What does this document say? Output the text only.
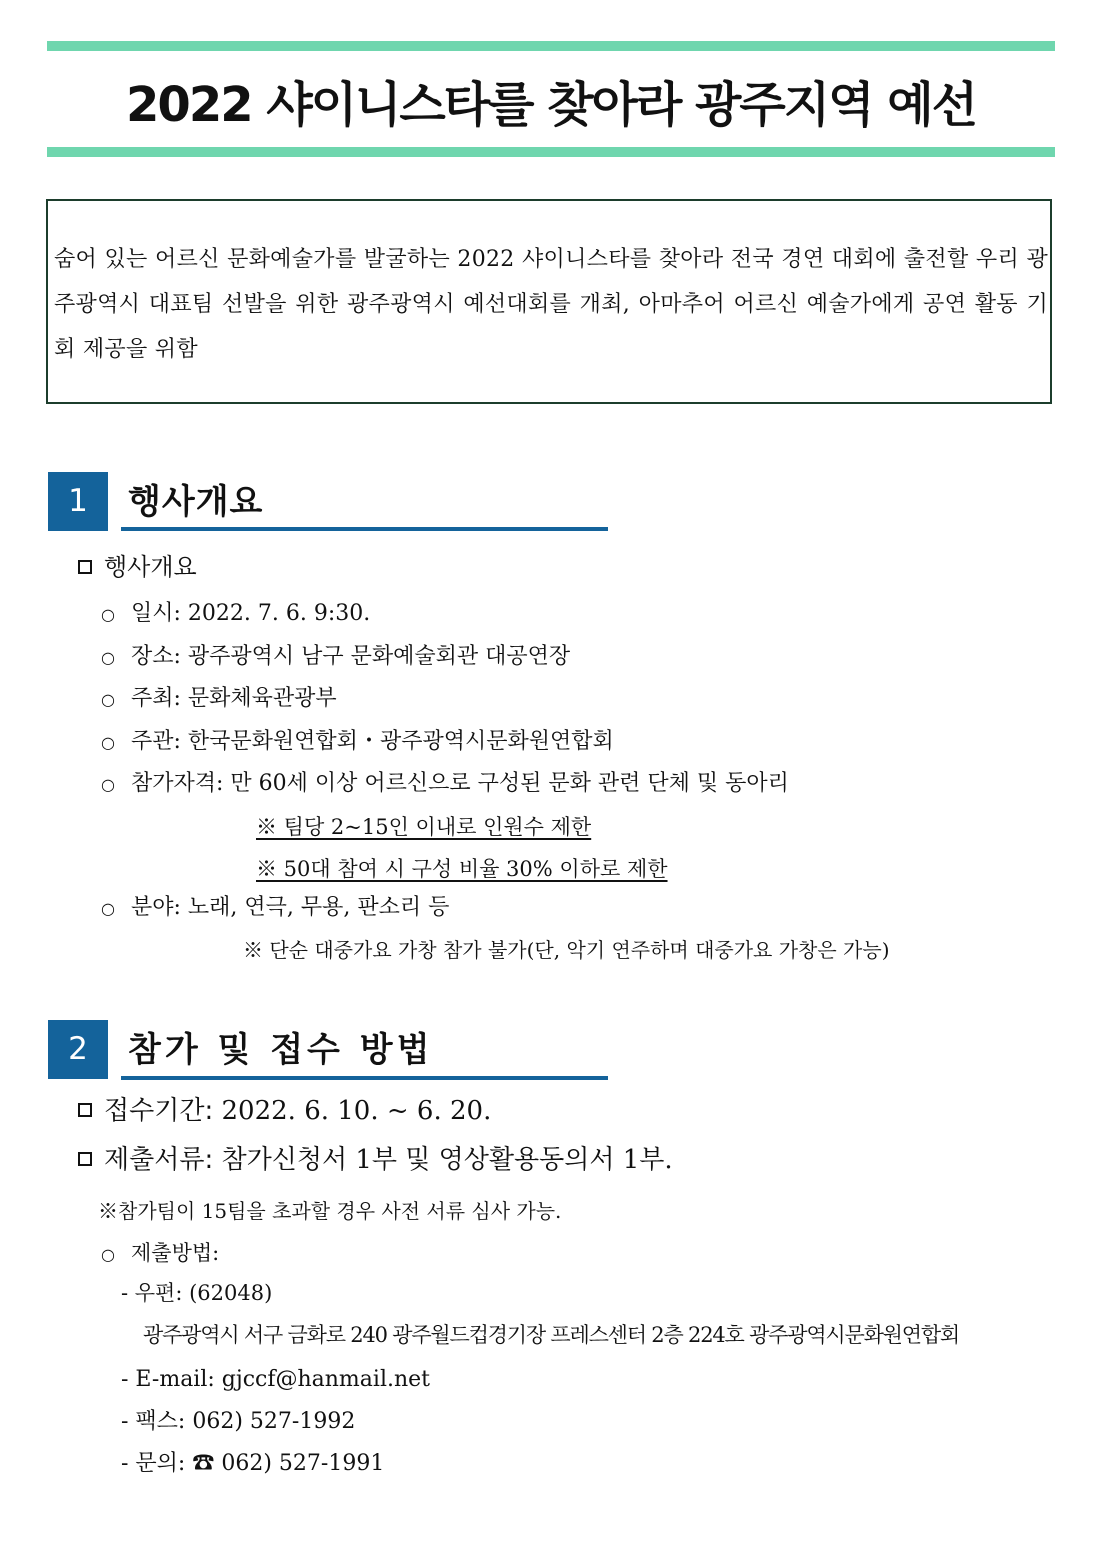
2022 샤이니스타를 찾아라 광주지역 예선
숨어 있는 어르신 문화예술가를 발굴하는 2022 샤이니스타를 찾아라 전국 경연 대회에 출전할 우리 광주광역시 대표팀 선발을 위한 광주광역시 예선대회를 개최, 아마추어 어르신 예술가에게 공연 활동 기회 제공을 위함
1	행사개요
행사개요
○ 일시: 2022. 7. 6. 9:30.
○ 장소: 광주광역시 남구 문화예술회관 대공연장
○ 주최: 문화체육관광부
○ 주관: 한국문화원연합회・광주광역시문화원연합회
○ 참가자격: 만 60세 이상 어르신으로 구성된 문화 관련 단체 및 동아리
※ 팀당 2~15인 이내로 인원수 제한
※ 50대 참여 시 구성 비율 30% 이하로 제한
○ 분야: 노래, 연극, 무용, 판소리 등
※ 단순 대중가요 가창 참가 불가(단, 악기 연주하며 대중가요 가창은 가능)
2	참가 및 접수 방법
접수기간: 2022. 6. 10. ~ 6. 20.
제출서류: 참가신청서 1부 및 영상활용동의서 1부.
※참가팀이 15팀을 초과할 경우 사전 서류 심사 가능.
○ 제출방법:
- 우편: (62048)
광주광역시 서구 금화로 240 광주월드컵경기장 프레스센터 2층 224호 광주광역시문화원연합회
- E-mail: gjccf@hanmail.net
- 팩스: 062) 527-1992
- 문의: ☎ 062) 527-1991
